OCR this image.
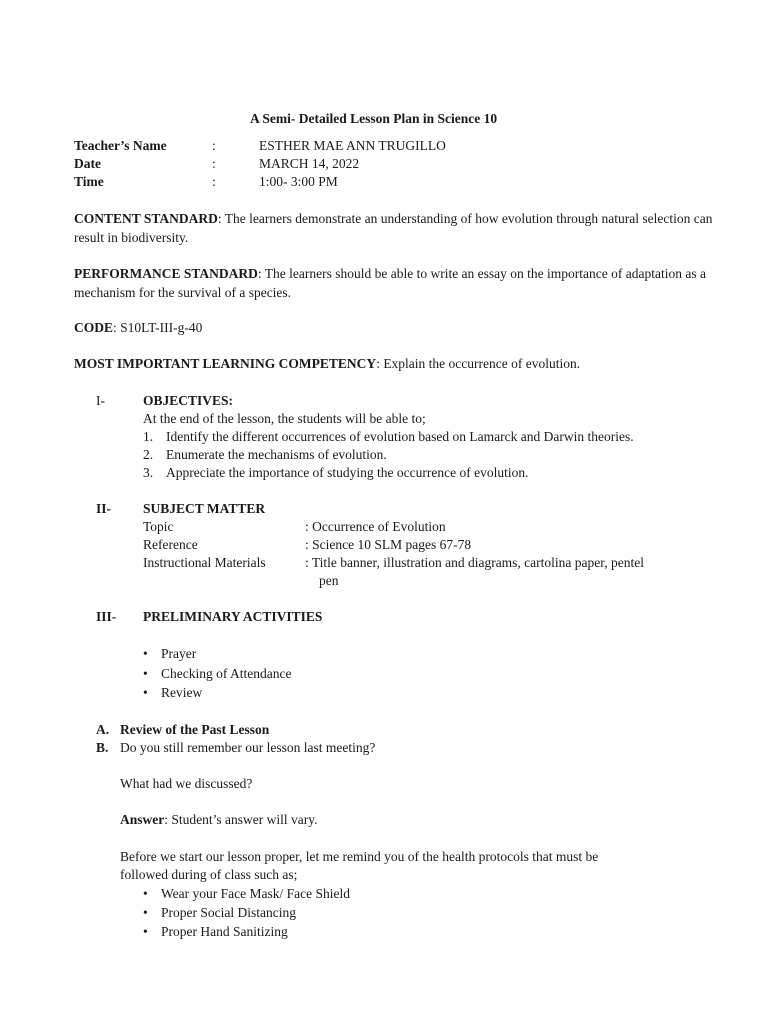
A Semi- Detailed Lesson Plan in Science 10
Teacher’s Name	:	ESTHER MAE ANN TRUGILLO
Date	:	MARCH 14, 2022
Time	:	1:00- 3:00 PM
CONTENT STANDARD: The learners demonstrate an understanding of how evolution through natural selection can result in biodiversity.
PERFORMANCE STANDARD: The learners should be able to write an essay on the importance of adaptation as a mechanism for the survival of a species.
CODE: S10LT-III-g-40
MOST IMPORTANT LEARNING COMPETENCY: Explain the occurrence of evolution.
I-	OBJECTIVES:
At the end of the lesson, the students will be able to;
1. Identify the different occurrences of evolution based on Lamarck and Darwin theories.
2. Enumerate the mechanisms of evolution.
3. Appreciate the importance of studying the occurrence of evolution.
II- SUBJECT MATTER
Topic	: Occurrence of Evolution
Reference	: Science 10 SLM pages 67-78
Instructional Materials	: Title banner, illustration and diagrams, cartolina paper, pentel
pen
III- PRELIMINARY ACTIVITIES
• Prayer
• Checking of Attendance
• Review
A. Review of the Past Lesson
B. Do you still remember our lesson last meeting?
What had we discussed?
Answer: Student’s answer will vary.
Before we start our lesson proper, let me remind you of the health protocols that must be
followed during of class such as;
• Wear your Face Mask/ Face Shield
• Proper Social Distancing
• Proper Hand Sanitizing
